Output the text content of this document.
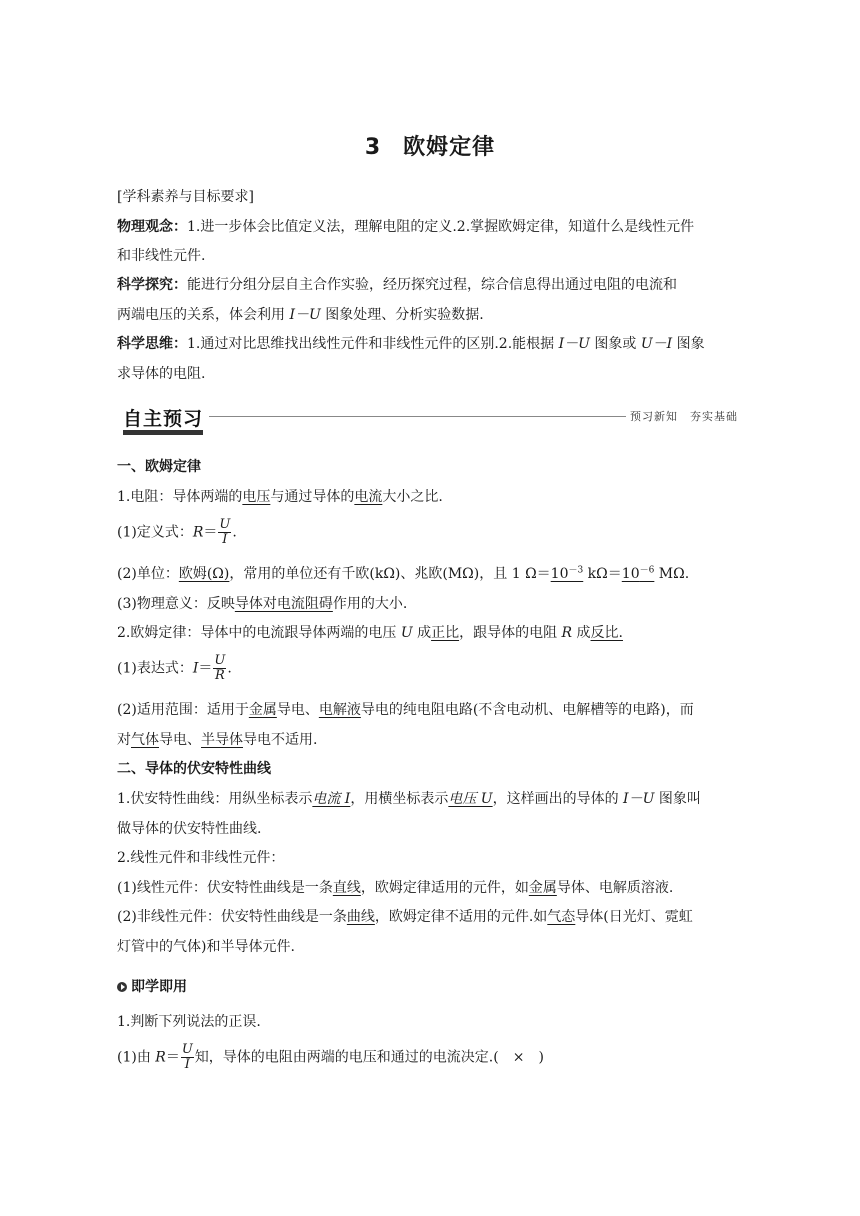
3 欧姆定律
[学科素养与目标要求]
物理观念：1.进一步体会比值定义法，理解电阻的定义.2.掌握欧姆定律，知道什么是线性元件
和非线性元件.
科学探究：能进行分组分层自主合作实验，经历探究过程，综合信息得出通过电阻的电流和
两端电压的关系，体会利用 I－U 图象处理、分析实验数据.
科学思维：1.通过对比思维找出线性元件和非线性元件的区别.2.能根据 I－U 图象或 U－I 图象
求导体的电阻.
自主预习	预习新知　夯实基础
一、欧姆定律
1.电阻：导体两端的电压与通过导体的电流大小之比.
(1)定义式：$R= \frac{U}{I}$ .
(2)单位：欧姆(Ω)，常用的单位还有千欧(kΩ)、兆欧(MΩ)，且 1 $\Omega=10^{-3}$ $k\Omega=10^{-6}$ MΩ.
(3)物理意义：反映导体对电流阻碍作用的大小.
2.欧姆定律：导体中的电流跟导体两端的电压 U 成正比，跟导体的电阻 R 成反比.
(1)表达式：$I= \frac{U}{R}$ .
(2)适用范围：适用于金属导电、电解液导电的纯电阻电路(不含电动机、电解槽等的电路)，而
对气体导电、半导体导电不适用.
二、导体的伏安特性曲线
1.伏安特性曲线：用纵坐标表示电流 I，用横坐标表示电压 U，这样画出的导体的 I－U 图象叫
做导体的伏安特性曲线.
2.线性元件和非线性元件：
(1)线性元件：伏安特性曲线是一条直线，欧姆定律适用的元件，如金属导体、电解质溶液.
(2)非线性元件：伏安特性曲线是一条曲线，欧姆定律不适用的元件.如气态导体(日光灯、霓虹
灯管中的气体)和半导体元件.
即学即用
1.判断下列说法的正误.
(1)由 $R= \frac{U}{I}$ 知，导体的电阻由两端的电压和通过的电流决定.(　×　)
